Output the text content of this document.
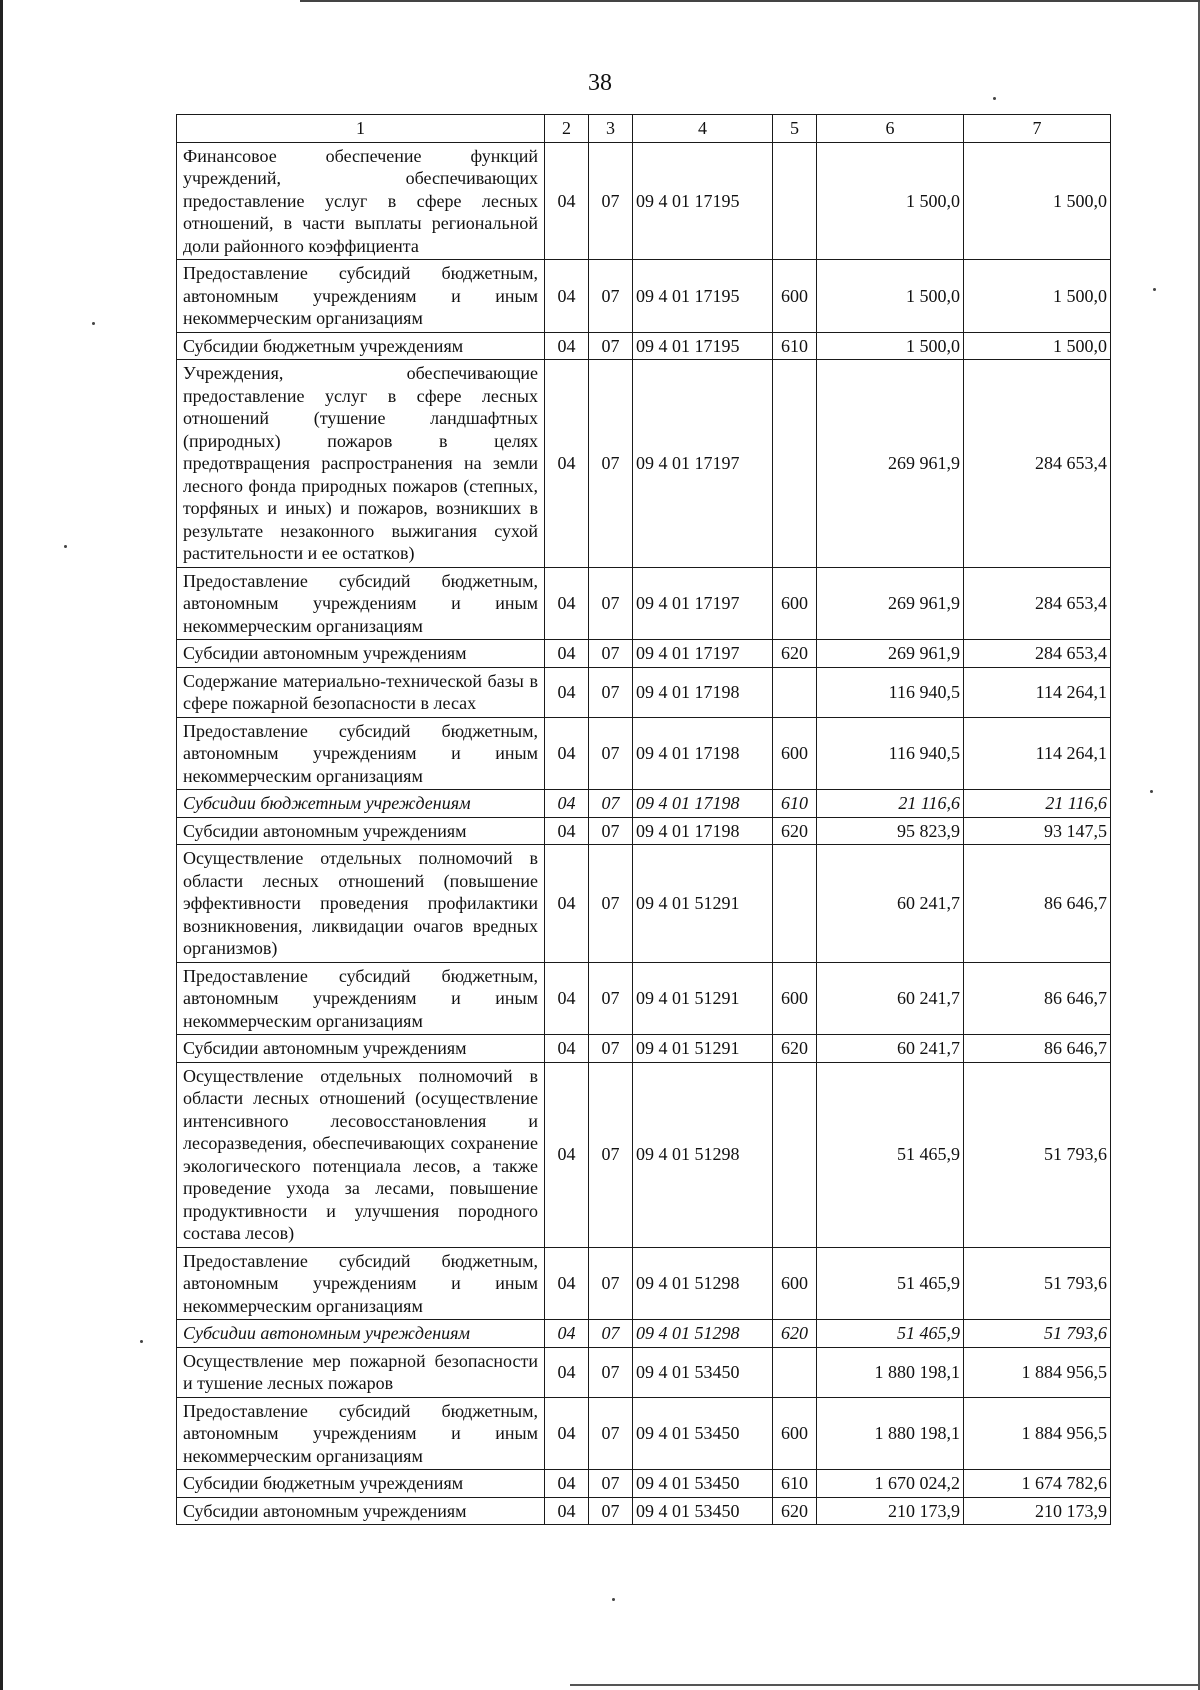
38
1	2	3	4	5	6	7
Финансовое обеспечение функций учреждений, обеспечивающих предоставление услуг в сфере лесных отношений, в части выплаты региональной доли районного коэффициента	04	07	09 4 01 17195		1 500,0	1 500,0
Предоставление субсидий бюджетным, автономным учреждениям и иным некоммерческим организациям	04	07	09 4 01 17195	600	1 500,0	1 500,0
Субсидии бюджетным учреждениям	04	07	09 4 01 17195	610	1 500,0	1 500,0
Учреждения, обеспечивающие предоставление услуг в сфере лесных отношений (тушение ландшафтных (природных) пожаров в целях предотвращения распространения на земли лесного фонда природных пожаров (степных, торфяных и иных) и пожаров, возникших в результате незаконного выжигания сухой растительности и ее остатков)	04	07	09 4 01 17197		269 961,9	284 653,4
Предоставление субсидий бюджетным, автономным учреждениям и иным некоммерческим организациям	04	07	09 4 01 17197	600	269 961,9	284 653,4
Субсидии автономным учреждениям	04	07	09 4 01 17197	620	269 961,9	284 653,4
Содержание материально-технической базы в сфере пожарной безопасности в лесах	04	07	09 4 01 17198		116 940,5	114 264,1
Предоставление субсидий бюджетным, автономным учреждениям и иным некоммерческим организациям	04	07	09 4 01 17198	600	116 940,5	114 264,1
Субсидии бюджетным учреждениям	04	07	09 4 01 17198	610	21 116,6	21 116,6
Субсидии автономным учреждениям	04	07	09 4 01 17198	620	95 823,9	93 147,5
Осуществление отдельных полномочий в области лесных отношений (повышение эффективности проведения профилактики возникновения, ликвидации очагов вредных организмов)	04	07	09 4 01 51291		60 241,7	86 646,7
Предоставление субсидий бюджетным, автономным учреждениям и иным некоммерческим организациям	04	07	09 4 01 51291	600	60 241,7	86 646,7
Субсидии автономным учреждениям	04	07	09 4 01 51291	620	60 241,7	86 646,7
Осуществление отдельных полномочий в области лесных отношений (осуществление интенсивного лесовосстановления и лесоразведения, обеспечивающих сохранение экологического потенциала лесов, а также проведение ухода за лесами, повышение продуктивности и улучшения породного состава лесов)	04	07	09 4 01 51298		51 465,9	51 793,6
Предоставление субсидий бюджетным, автономным учреждениям и иным некоммерческим организациям	04	07	09 4 01 51298	600	51 465,9	51 793,6
Субсидии автономным учреждениям	04	07	09 4 01 51298	620	51 465,9	51 793,6
Осуществление мер пожарной безопасности и тушение лесных пожаров	04	07	09 4 01 53450		1 880 198,1	1 884 956,5
Предоставление субсидий бюджетным, автономным учреждениям и иным некоммерческим организациям	04	07	09 4 01 53450	600	1 880 198,1	1 884 956,5
Субсидии бюджетным учреждениям	04	07	09 4 01 53450	610	1 670 024,2	1 674 782,6
Субсидии автономным учреждениям	04	07	09 4 01 53450	620	210 173,9	210 173,9
